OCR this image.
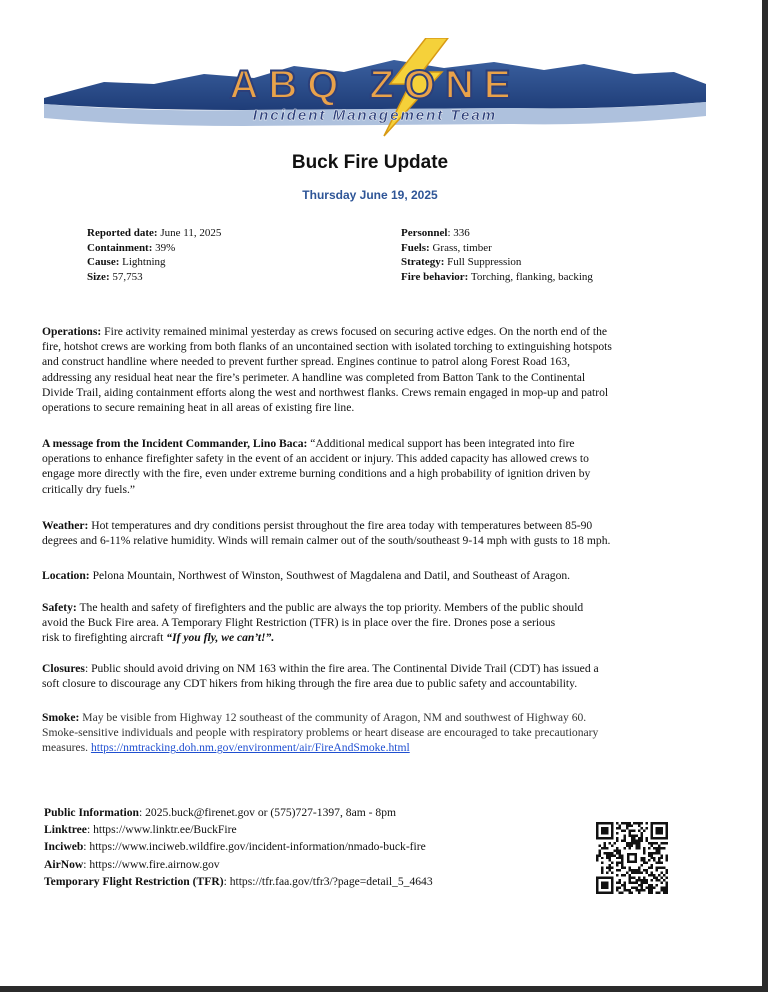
ABQ ZONE
Incident Management Team
Buck Fire Update
Thursday June 19, 2025
Reported date: June 11, 2025
Containment: 39%
Cause: Lightning
Size: 57,753
Personnel: 336
Fuels: Grass, timber
Strategy: Full Suppression
Fire behavior: Torching, flanking, backing
Operations: Fire activity remained minimal yesterday as crews focused on securing active edges. On the north end of the
fire, hotshot crews are working from both flanks of an uncontained section with isolated torching to extinguishing hotspots
and construct handline where needed to prevent further spread. Engines continue to patrol along Forest Road 163,
addressing any residual heat near the fire’s perimeter. A handline was completed from Batton Tank to the Continental
Divide Trail, aiding containment efforts along the west and northwest flanks. Crews remain engaged in mop-up and patrol
operations to secure remaining heat in all areas of existing fire line.
A message from the Incident Commander, Lino Baca: “Additional medical support has been integrated into fire
operations to enhance firefighter safety in the event of an accident or injury. This added capacity has allowed crews to
engage more directly with the fire, even under extreme burning conditions and a high probability of ignition driven by
critically dry fuels.”
Weather: Hot temperatures and dry conditions persist throughout the fire area today with temperatures between 85-90
degrees and 6-11% relative humidity. Winds will remain calmer out of the south/southeast 9-14 mph with gusts to 18 mph.
Location: Pelona Mountain, Northwest of Winston, Southwest of Magdalena and Datil, and Southeast of Aragon.
Safety: The health and safety of firefighters and the public are always the top priority. Members of the public should
avoid the Buck Fire area. A Temporary Flight Restriction (TFR) is in place over the fire. Drones pose a serious
risk to firefighting aircraft “If you fly, we can’t!”.
Closures: Public should avoid driving on NM 163 within the fire area. The Continental Divide Trail (CDT) has issued a
soft closure to discourage any CDT hikers from hiking through the fire area due to public safety and accountability.
Smoke: May be visible from Highway 12 southeast of the community of Aragon, NM and southwest of Highway 60.
Smoke-sensitive individuals and people with respiratory problems or heart disease are encouraged to take precautionary
measures. https://nmtracking.doh.nm.gov/environment/air/FireAndSmoke.html
Public Information: 2025.buck@firenet.gov or (575)727-1397, 8am - 8pm
Linktree: https://www.linktr.ee/BuckFire
Inciweb: https://www.inciweb.wildfire.gov/incident-information/nmado-buck-fire
AirNow: https://www.fire.airnow.gov
Temporary Flight Restriction (TFR): https://tfr.faa.gov/tfr3/?page=detail_5_4643
